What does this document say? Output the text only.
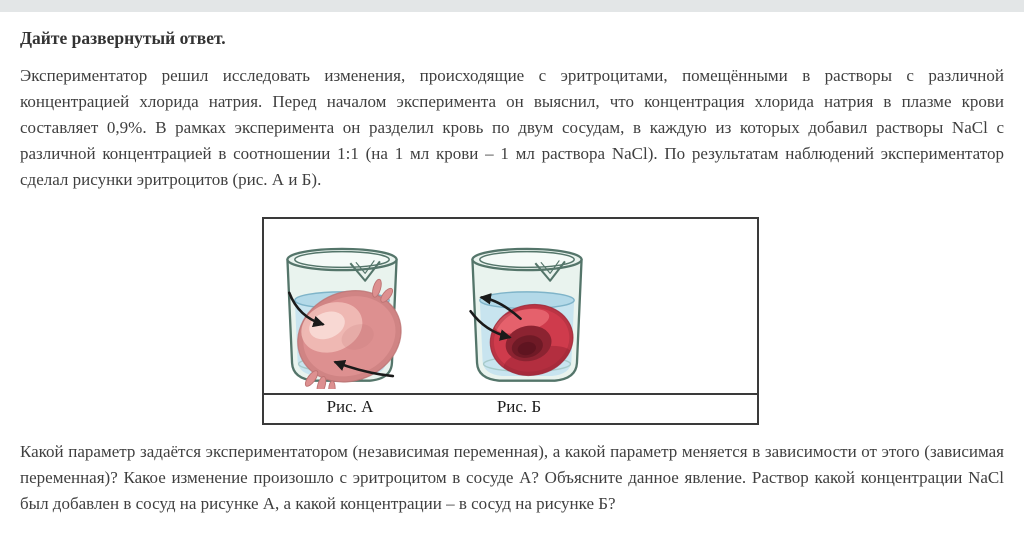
Дайте развернутый ответ.

Экспериментатор решил исследовать изменения, происходящие с эритроцитами, помещёнными в растворы с различной концентрацией хлорида натрия. Перед началом эксперимента он выяснил, что концентрация хлорида натрия в плазме крови составляет 0,9%. В рамках эксперимента он разделил кровь по двум сосудам, в каждую из которых добавил растворы NaCl с различной концентрацией в соотношении 1:1 (на 1 мл крови – 1 мл раствора NaCl). По результатам наблюдений экспериментатор сделал рисунки эритроцитов (рис. А и Б).

Рис. А	Рис. Б

Какой параметр задаётся экспериментатором (независимая переменная), а какой параметр меняется в зависимости от этого (зависимая переменная)? Какое изменение произошло с эритроцитом в сосуде А? Объясните данное явление. Раствор какой концентрации NaCl был добавлен в сосуд на рисунке А, а какой концентрации – в сосуд на рисунке Б?
